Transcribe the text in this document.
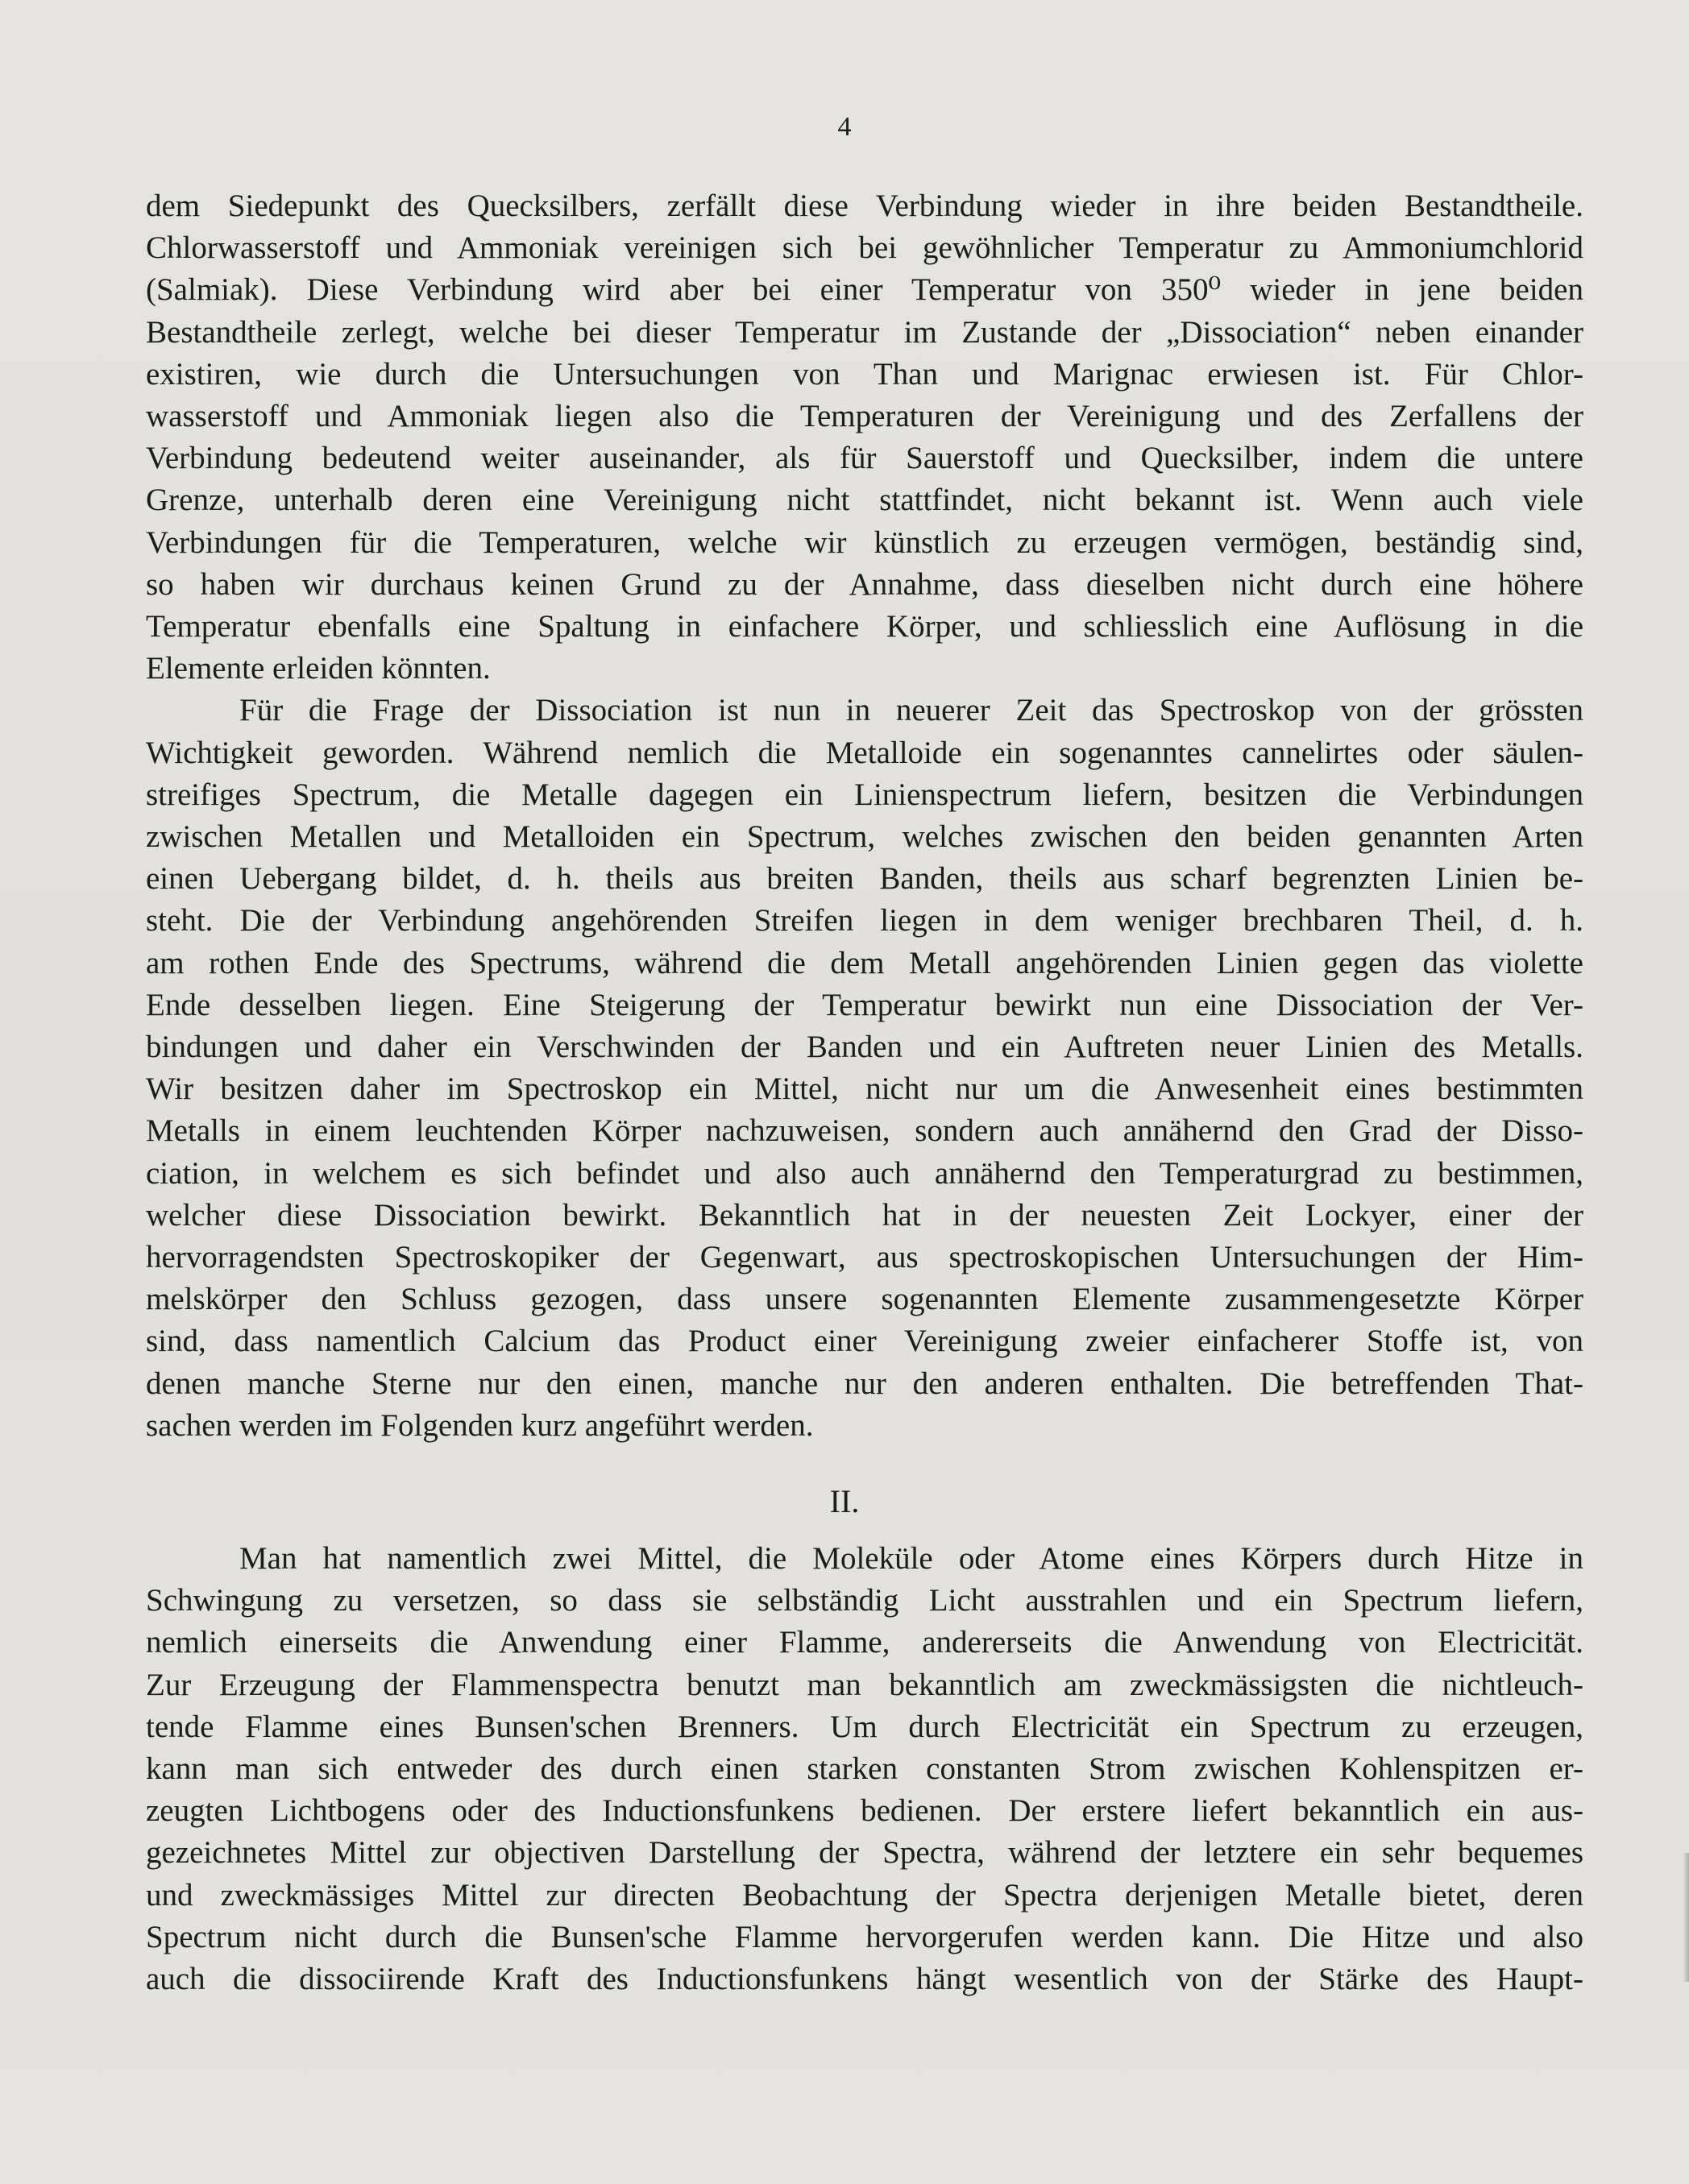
4
dem Siedepunkt des Quecksilbers, zerfällt diese Verbindung wieder in ihre beiden Bestandtheile.
Chlorwasserstoff und Ammoniak vereinigen sich bei gewöhnlicher Temperatur zu Ammoniumchlorid
(Salmiak). Diese Verbindung wird aber bei einer Temperatur von 350⁰ wieder in jene beiden
Bestandtheile zerlegt, welche bei dieser Temperatur im Zustande der „Dissociation“ neben einander
existiren, wie durch die Untersuchungen von Than und Marignac erwiesen ist. Für Chlor-
wasserstoff und Ammoniak liegen also die Temperaturen der Vereinigung und des Zerfallens der
Verbindung bedeutend weiter auseinander, als für Sauerstoff und Quecksilber, indem die untere
Grenze, unterhalb deren eine Vereinigung nicht stattfindet, nicht bekannt ist. Wenn auch viele
Verbindungen für die Temperaturen, welche wir künstlich zu erzeugen vermögen, beständig sind,
so haben wir durchaus keinen Grund zu der Annahme, dass dieselben nicht durch eine höhere
Temperatur ebenfalls eine Spaltung in einfachere Körper, und schliesslich eine Auflösung in die
Elemente erleiden könnten.
Für die Frage der Dissociation ist nun in neuerer Zeit das Spectroskop von der grössten
Wichtigkeit geworden. Während nemlich die Metalloide ein sogenanntes cannelirtes oder säulen-
streifiges Spectrum, die Metalle dagegen ein Linienspectrum liefern, besitzen die Verbindungen
zwischen Metallen und Metalloiden ein Spectrum, welches zwischen den beiden genannten Arten
einen Uebergang bildet, d. h. theils aus breiten Banden, theils aus scharf begrenzten Linien be-
steht. Die der Verbindung angehörenden Streifen liegen in dem weniger brechbaren Theil, d. h.
am rothen Ende des Spectrums, während die dem Metall angehörenden Linien gegen das violette
Ende desselben liegen. Eine Steigerung der Temperatur bewirkt nun eine Dissociation der Ver-
bindungen und daher ein Verschwinden der Banden und ein Auftreten neuer Linien des Metalls.
Wir besitzen daher im Spectroskop ein Mittel, nicht nur um die Anwesenheit eines bestimmten
Metalls in einem leuchtenden Körper nachzuweisen, sondern auch annähernd den Grad der Disso-
ciation, in welchem es sich befindet und also auch annähernd den Temperaturgrad zu bestimmen,
welcher diese Dissociation bewirkt. Bekanntlich hat in der neuesten Zeit Lockyer, einer der
hervorragendsten Spectroskopiker der Gegenwart, aus spectroskopischen Untersuchungen der Him-
melskörper den Schluss gezogen, dass unsere sogenannten Elemente zusammengesetzte Körper
sind, dass namentlich Calcium das Product einer Vereinigung zweier einfacherer Stoffe ist, von
denen manche Sterne nur den einen, manche nur den anderen enthalten. Die betreffenden That-
sachen werden im Folgenden kurz angeführt werden.
II.
Man hat namentlich zwei Mittel, die Moleküle oder Atome eines Körpers durch Hitze in
Schwingung zu versetzen, so dass sie selbständig Licht ausstrahlen und ein Spectrum liefern,
nemlich einerseits die Anwendung einer Flamme, andererseits die Anwendung von Electricität.
Zur Erzeugung der Flammenspectra benutzt man bekanntlich am zweckmässigsten die nichtleuch-
tende Flamme eines Bunsen'schen Brenners. Um durch Electricität ein Spectrum zu erzeugen,
kann man sich entweder des durch einen starken constanten Strom zwischen Kohlenspitzen er-
zeugten Lichtbogens oder des Inductionsfunkens bedienen. Der erstere liefert bekanntlich ein aus-
gezeichnetes Mittel zur objectiven Darstellung der Spectra, während der letztere ein sehr bequemes
und zweckmässiges Mittel zur directen Beobachtung der Spectra derjenigen Metalle bietet, deren
Spectrum nicht durch die Bunsen'sche Flamme hervorgerufen werden kann. Die Hitze und also
auch die dissociirende Kraft des Inductionsfunkens hängt wesentlich von der Stärke des Haupt-
